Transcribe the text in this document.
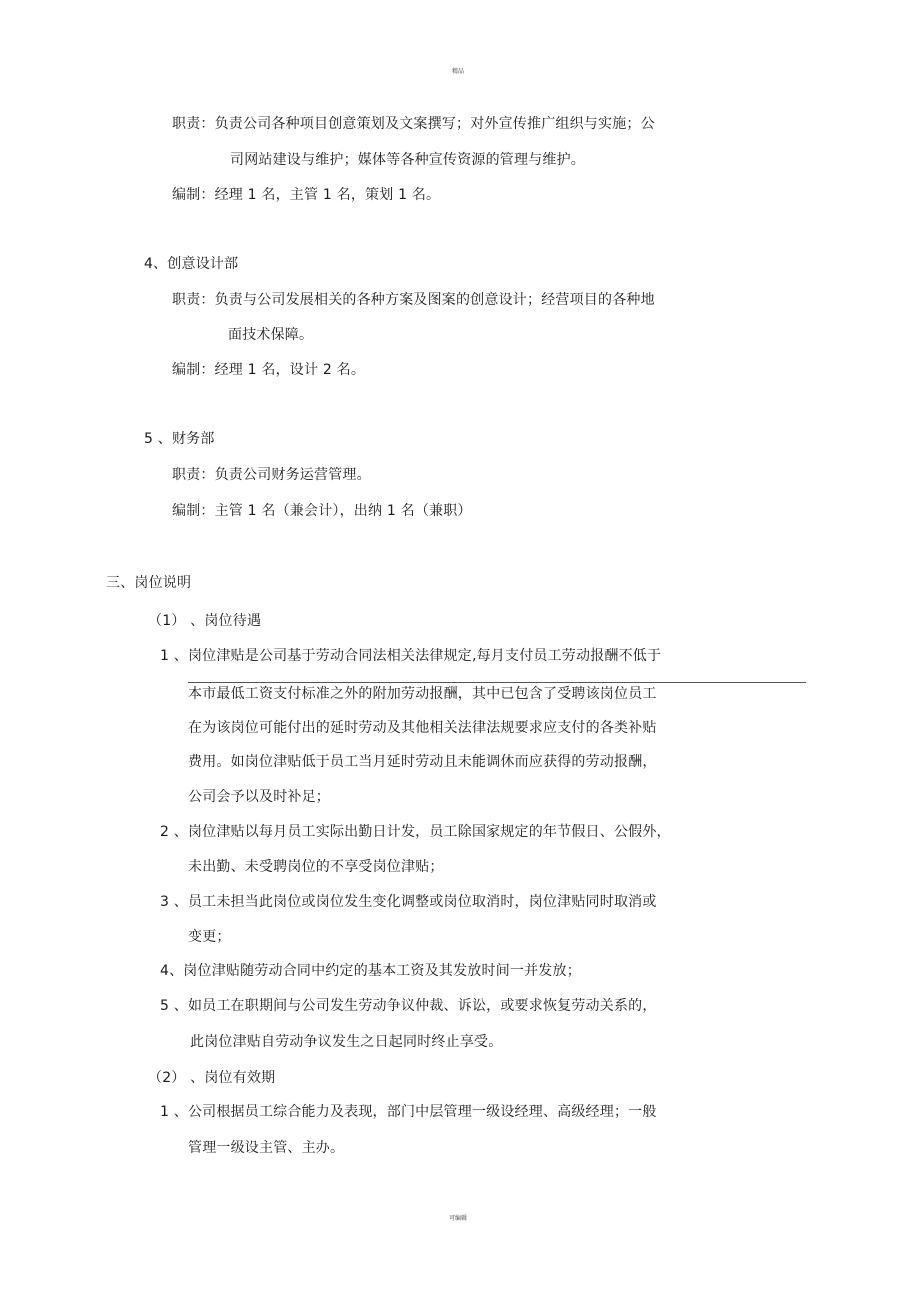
精品
职责：负责公司各种项目创意策划及文案撰写；对外宣传推广组织与实施；公
司网站建设与维护；媒体等各种宣传资源的管理与维护。
编制：经理 1 名，主管 1 名，策划 1 名。
4、创意设计部
职责：负责与公司发展相关的各种方案及图案的创意设计；经营项目的各种地
面技术保障。
编制：经理 1 名，设计 2 名。
5 、财务部
职责：负责公司财务运营管理。
编制：主管 1 名（兼会计），出纳 1 名（兼职）
三、岗位说明
（1） 、岗位待遇
1 、岗位津贴是公司基于劳动合同法相关法律规定,每月支付员工劳动报酬不低于
本市最低工资支付标准之外的附加劳动报酬，其中已包含了受聘该岗位员工
在为该岗位可能付出的延时劳动及其他相关法律法规要求应支付的各类补贴
费用。如岗位津贴低于员工当月延时劳动且未能调休而应获得的劳动报酬，
公司会予以及时补足；
2 、岗位津贴以每月员工实际出勤日计发，员工除国家规定的年节假日、公假外，
未出勤、未受聘岗位的不享受岗位津贴；
3 、员工未担当此岗位或岗位发生变化调整或岗位取消时，岗位津贴同时取消或
变更；
4、岗位津贴随劳动合同中约定的基本工资及其发放时间一并发放；
5 、如员工在职期间与公司发生劳动争议仲裁、诉讼，或要求恢复劳动关系的，
此岗位津贴自劳动争议发生之日起同时终止享受。
（2） 、岗位有效期
1 、公司根据员工综合能力及表现，部门中层管理一级设经理、高级经理；一般
管理一级设主管、主办。
可编辑
